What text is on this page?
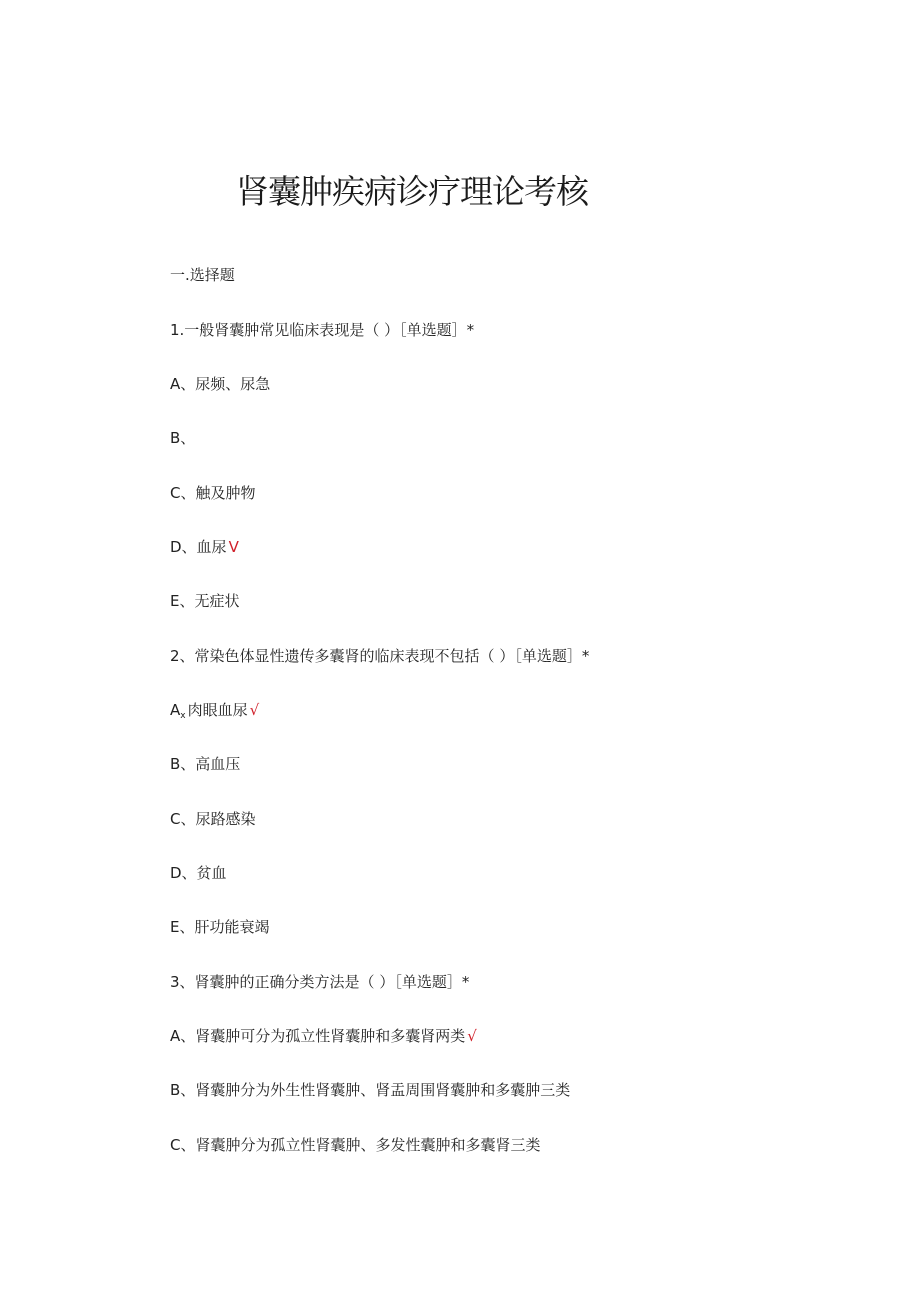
肾囊肿疾病诊疗理论考核
一.选择题
1.一般肾囊肿常见临床表现是（ ）［单选题］*
A、尿频、尿急
B、
C、触及肿物
D、血尿 V
E、无症状
2、常染色体显性遗传多囊肾的临床表现不包括（ ）［单选题］*
$A_x$ 肉眼血尿 √
B、高血压
C、尿路感染
D、贫血
E、肝功能衰竭
3、肾囊肿的正确分类方法是（ ）［单选题］*
A、肾囊肿可分为孤立性肾囊肿和多囊肾两类 √
B、肾囊肿分为外生性肾囊肿、肾盂周围肾囊肿和多囊肿三类
C、肾囊肿分为孤立性肾囊肿、多发性囊肿和多囊肾三类
